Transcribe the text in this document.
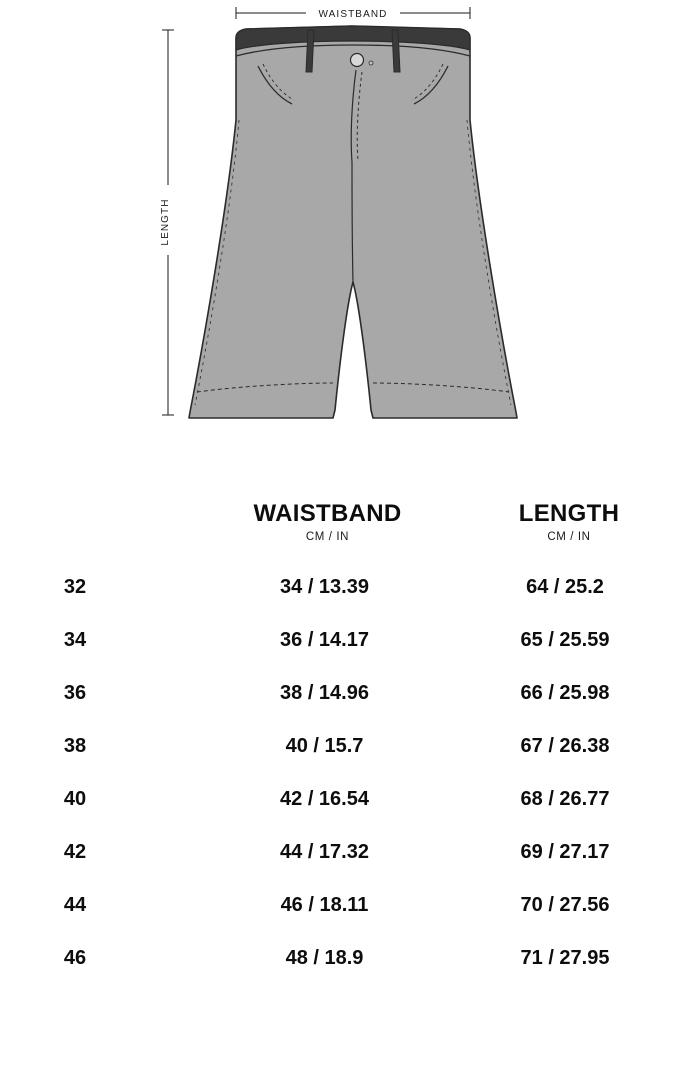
WAISTBAND
LENGTH
	WAISTBAND	LENGTH
	CM / IN	CM / IN
32	34 / 13.39	64 / 25.2
34	36 / 14.17	65 / 25.59
36	38 / 14.96	66 / 25.98
38	40 / 15.7	67 / 26.38
40	42 / 16.54	68 / 26.77
42	44 / 17.32	69 / 27.17
44	46 / 18.11	70 / 27.56
46	48 / 18.9	71 / 27.95
